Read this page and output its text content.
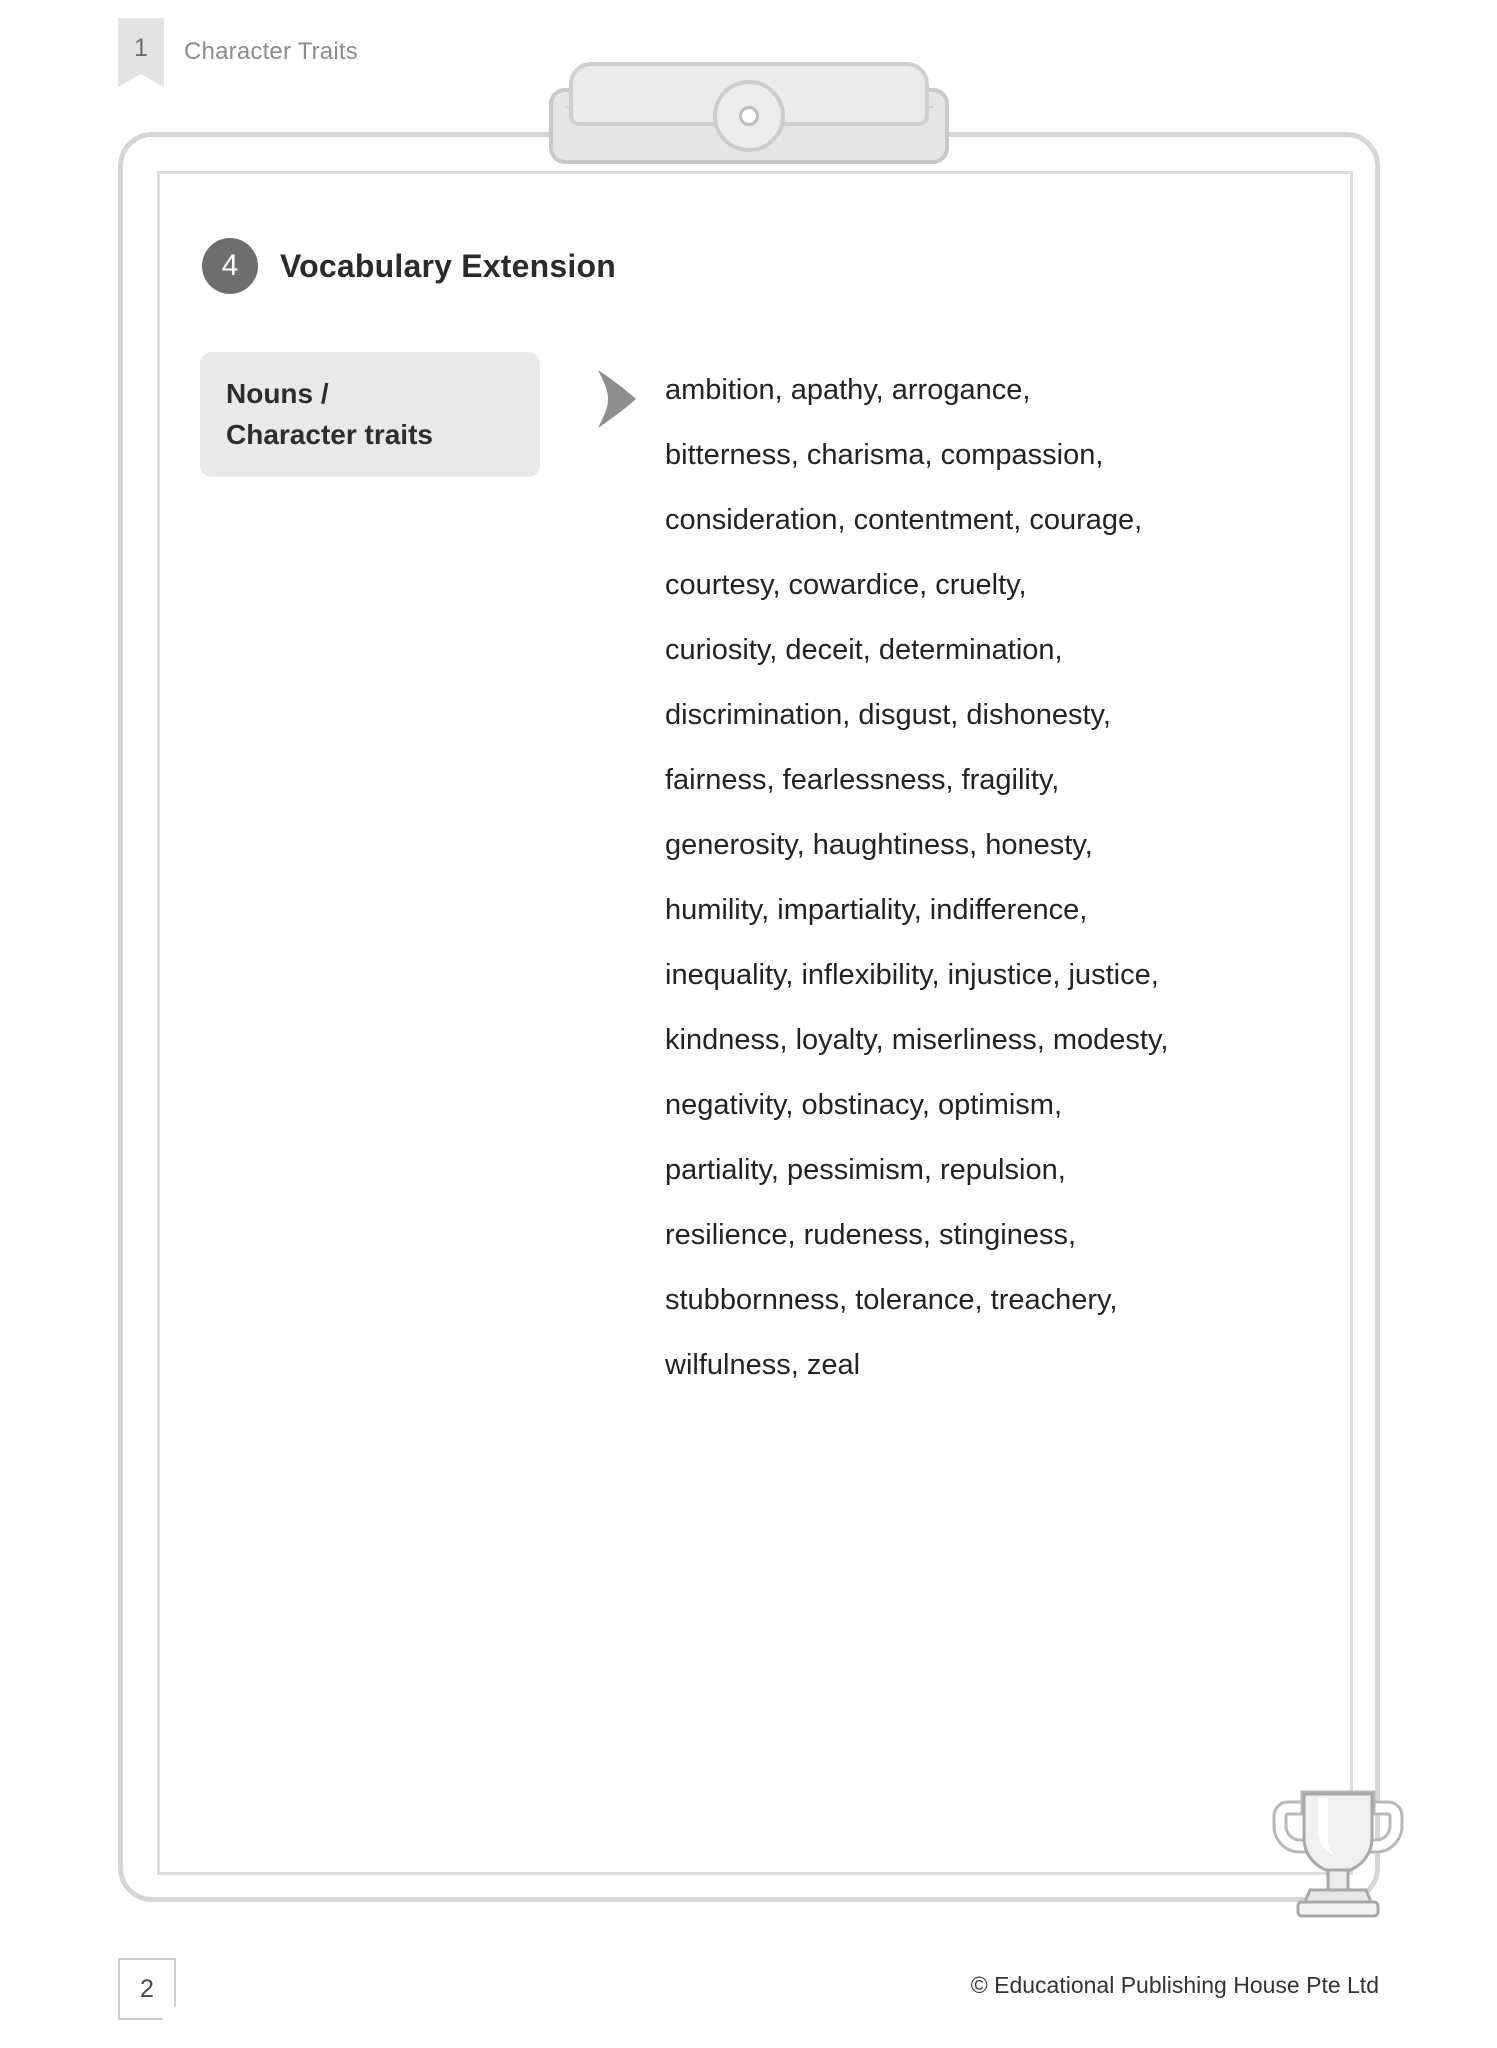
1	Character Traits
4	Vocabulary Extension
Nouns /
Character traits
ambition, apathy, arrogance,
bitterness, charisma, compassion,
consideration, contentment, courage,
courtesy, cowardice, cruelty,
curiosity, deceit, determination,
discrimination, disgust, dishonesty,
fairness, fearlessness, fragility,
generosity, haughtiness, honesty,
humility, impartiality, indifference,
inequality, inflexibility, injustice, justice,
kindness, loyalty, miserliness, modesty,
negativity, obstinacy, optimism,
partiality, pessimism, repulsion,
resilience, rudeness, stinginess,
stubbornness, tolerance, treachery,
wilfulness, zeal
2	© Educational Publishing House Pte Ltd
